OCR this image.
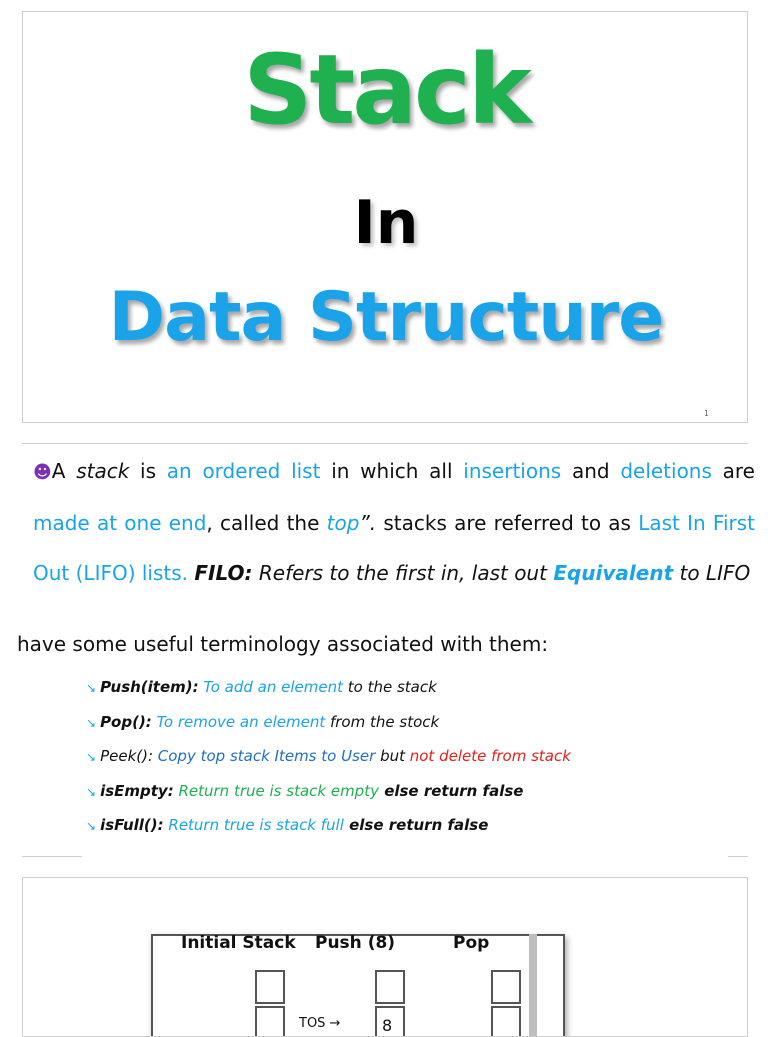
Stack
In
Data Structure
1
☻A stack is an ordered list in which all insertions and deletions are made at one end, called the top”. stacks are referred to as Last In First Out (LIFO) lists. FILO: Refers to the first in, last out Equivalent to LIFO
have some useful terminology associated with them:
↘ Push(item): To add an element to the stack
↘ Pop(): To remove an element from the stock
↘ Peek(): Copy top stack Items to User but not delete from stack
↘ isEmpty: Return true is stack empty else return false
↘ isFull(): Return true is stack full else return false
Initial Stack Push (8)	Pop
TOS →	8
